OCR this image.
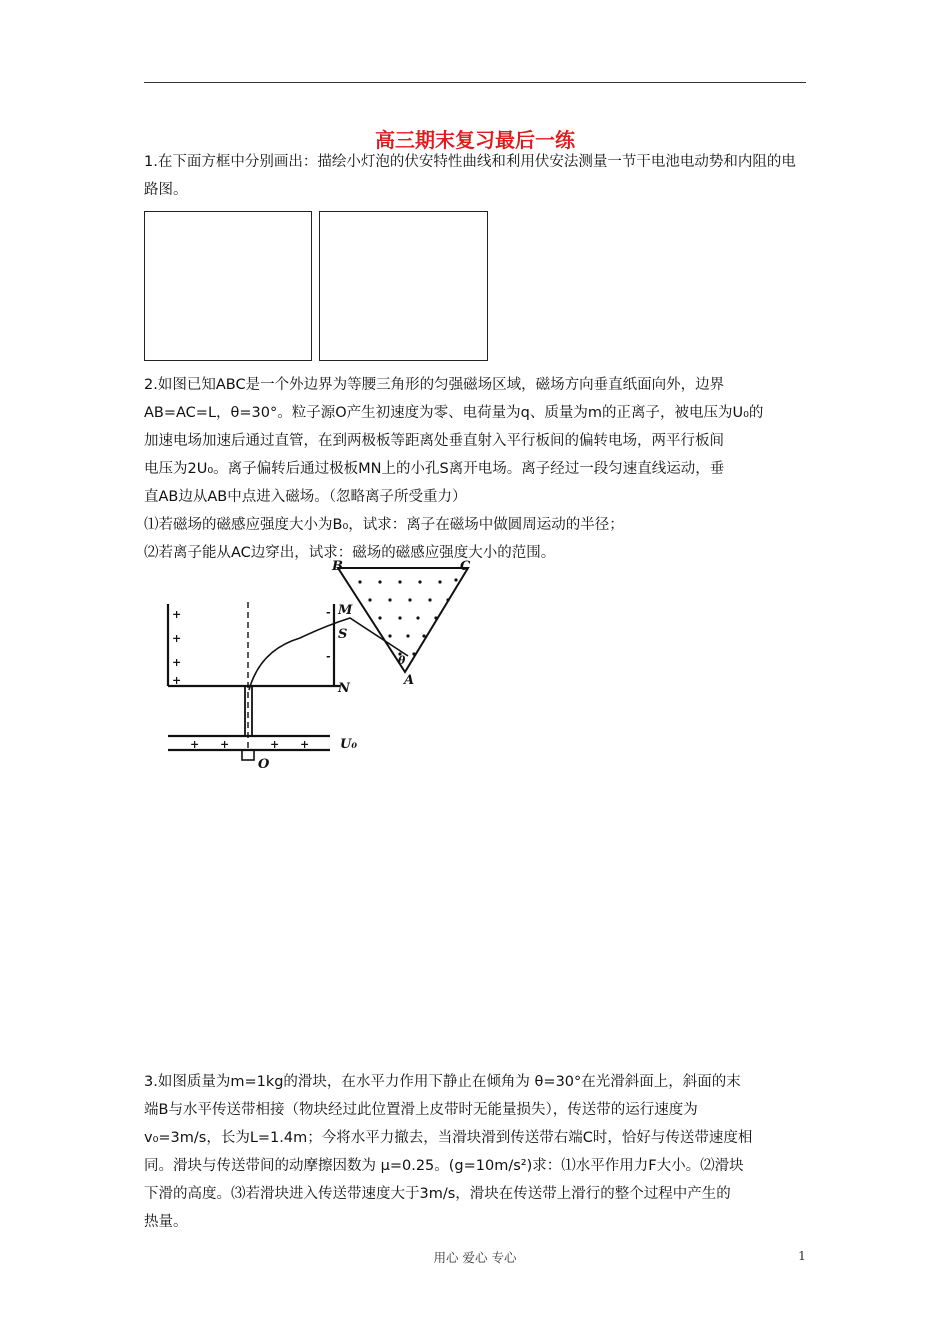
高三期末复习最后一练
1.在下面方框中分别画出：描绘小灯泡的伏安特性曲线和利用伏安法测量一节干电池电动势和内阻的电路图。
2.如图已知ABC是一个外边界为等腰三角形的匀强磁场区域，磁场方向垂直纸面向外，边界
AB=AC=L，θ=30°。粒子源O产生初速度为零、电荷量为q、质量为m的正离子，被电压为U₀的
加速电场加速后通过直管，在到两极板等距离处垂直射入平行板间的偏转电场，两平行板间
电压为2U₀。离子偏转后通过极板MN上的小孔S离开电场。离子经过一段匀速直线运动，垂
直AB边从AB中点进入磁场。（忽略离子所受重力）
⑴若磁场的磁感应强度大小为B₀，试求：离子在磁场中做圆周运动的半径；
⑵若离子能从AC边穿出，试求：磁场的磁感应强度大小的范围。
+
+
+
+
+ +	+ +
-
-
B	C
A
θ
M
S
N
O
U₀
3.如图质量为m=1kg的滑块，在水平力作用下静止在倾角为 θ=30°在光滑斜面上，斜面的末
端B与水平传送带相接（物块经过此位置滑上皮带时无能量损失），传送带的运行速度为
v₀=3m/s，长为L=1.4m；今将水平力撤去，当滑块滑到传送带右端C时，恰好与传送带速度相
同。滑块与传送带间的动摩擦因数为 μ=0.25。(g=10m/s²)求：⑴水平作用力F大小。⑵滑块
下滑的高度。⑶若滑块进入传送带速度大于3m/s，滑块在传送带上滑行的整个过程中产生的
热量。
用心 爱心 专心	1
